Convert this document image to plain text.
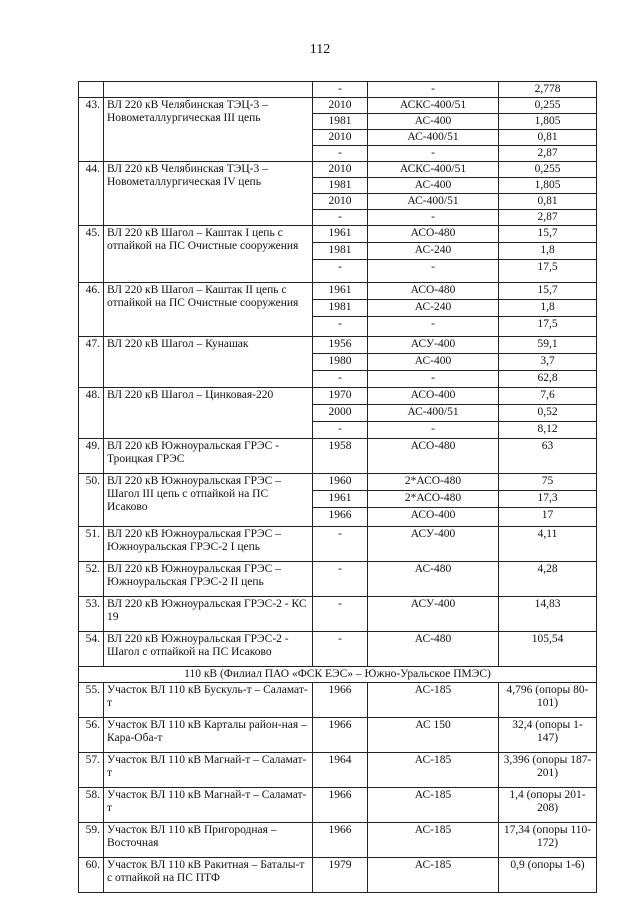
112
		-	-	2,778
43.	ВЛ 220 кВ Челябинская ТЭЦ-3 – Новометаллургическая III цепь	2010	АСКС-400/51	0,255
		1981	АС-400	1,805
		2010	АС-400/51	0,81
		-	-	2,87
44.	ВЛ 220 кВ Челябинская ТЭЦ-3 – Новометаллургическая IV цепь	2010	АСКС-400/51	0,255
		1981	АС-400	1,805
		2010	АС-400/51	0,81
		-	-	2,87
45.	ВЛ 220 кВ Шагол – Каштак I цепь с отпайкой на ПС Очистные сооружения	1961	АСО-480	15,7
		1981	АС-240	1,8
		-	-	17,5
46.	ВЛ 220 кВ Шагол – Каштак II цепь с отпайкой на ПС Очистные сооружения	1961	АСО-480	15,7
		1981	АС-240	1,8
		-	-	17,5
47.	ВЛ 220 кВ Шагол – Кунашак	1956	АСУ-400	59,1
		1980	АС-400	3,7
		-	-	62,8
48.	ВЛ 220 кВ Шагол – Цинковая-220	1970	АСО-400	7,6
		2000	АС-400/51	0,52
		-	-	8,12
49.	ВЛ 220 кВ Южноуральская ГРЭС - Троицкая ГРЭС	1958	АСО-480	63
50.	ВЛ 220 кВ Южноуральская ГРЭС – Шагол III цепь с отпайкой на ПС Исаково	1960	2*АСО-480	75
		1961	2*АСО-480	17,3
		1966	АСО-400	17
51.	ВЛ 220 кВ Южноуральская ГРЭС – Южноуральская ГРЭС-2 I цепь	-	АСУ-400	4,11
52.	ВЛ 220 кВ Южноуральская ГРЭС – Южноуральская ГРЭС-2 II цепь	-	АС-480	4,28
53.	ВЛ 220 кВ Южноуральская ГРЭС-2 - КС 19	-	АСУ-400	14,83
54.	ВЛ 220 кВ Южноуральская ГРЭС-2 - Шагол с отпайкой на ПС Исаково	-	АС-480	105,54
110 кВ (Филиал ПАО «ФСК ЕЭС» – Южно-Уральское ПМЭС)				
55.	Участок ВЛ 110 кВ Бускуль-т – Саламат-т	1966	АС-185	4,796 (опоры 80-101)
56.	Участок ВЛ 110 кВ Карталы район-ная – Кара-Оба-т	1966	АС 150	32,4 (опоры 1-147)
57.	Участок ВЛ 110 кВ Магнай-т – Саламат-т	1964	АС-185	3,396 (опоры 187-201)
58.	Участок ВЛ 110 кВ Магнай-т – Саламат-т	1966	АС-185	1,4 (опоры 201-208)
59.	Участок ВЛ 110 кВ Пригородная – Восточная	1966	АС-185	17,34 (опоры 110-172)
60.	Участок ВЛ 110 кВ Ракитная – Баталы-т с отпайкой на ПС ПТФ	1979	АС-185	0,9 (опоры 1-6)
